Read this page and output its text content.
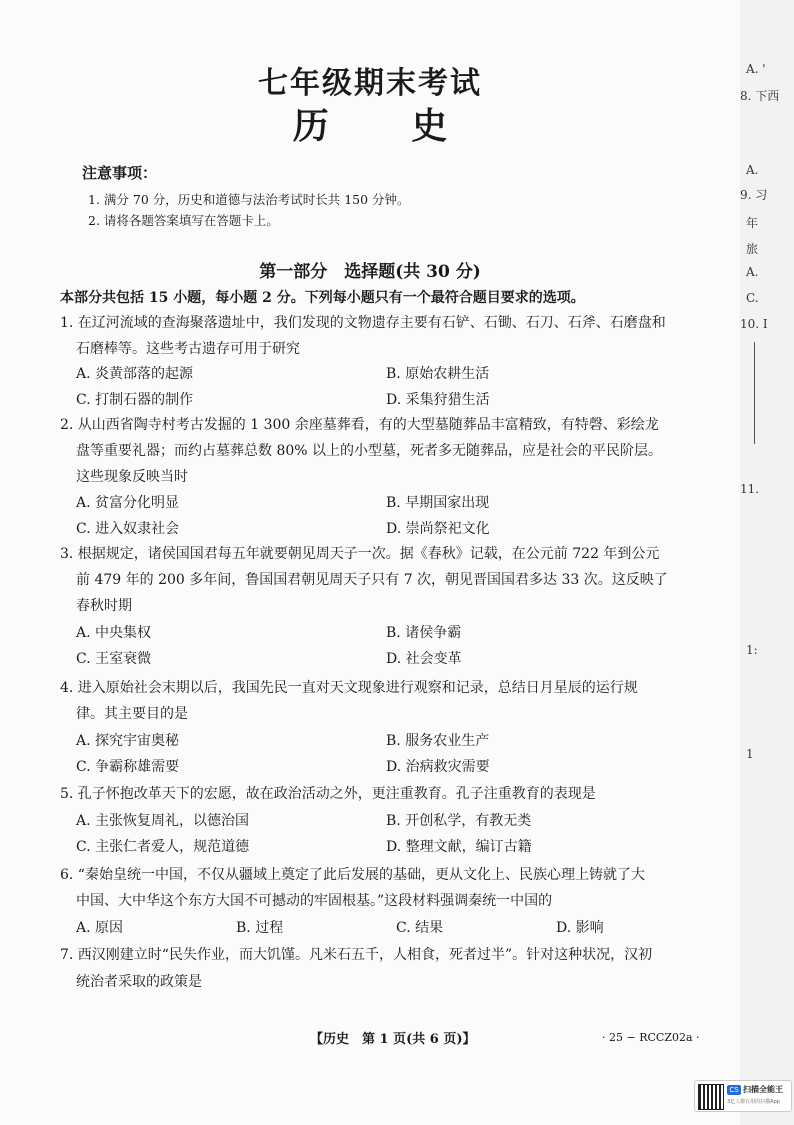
七年级期末考试
历 史
注意事项：
1. 满分 70 分，历史和道德与法治考试时长共 150 分钟。
2. 请将各题答案填写在答题卡上。
第一部分　选择题(共 30 分)
本部分共包括 15 小题，每小题 2 分。下列每小题只有一个最符合题目要求的选项。
1. 在辽河流域的查海聚落遗址中，我们发现的文物遗存主要有石铲、石锄、石刀、石斧、石磨盘和
石磨棒等。这些考古遗存可用于研究
A. 炎黄部落的起源	B. 原始农耕生活
C. 打制石器的制作	D. 采集狩猎生活
2. 从山西省陶寺村考古发掘的 1 300 余座墓葬看，有的大型墓随葬品丰富精致，有特磬、彩绘龙
盘等重要礼器；而约占墓葬总数 80% 以上的小型墓，死者多无随葬品，应是社会的平民阶层。
这些现象反映当时
A. 贫富分化明显	B. 早期国家出现
C. 进入奴隶社会	D. 崇尚祭祀文化
3. 根据规定，诸侯国国君每五年就要朝见周天子一次。据《春秋》记载，在公元前 722 年到公元
前 479 年的 200 多年间，鲁国国君朝见周天子只有 7 次，朝见晋国国君多达 33 次。这反映了
春秋时期
A. 中央集权	B. 诸侯争霸
C. 王室衰微	D. 社会变革
4. 进入原始社会末期以后，我国先民一直对天文现象进行观察和记录，总结日月星辰的运行规
律。其主要目的是
A. 探究宇宙奥秘	B. 服务农业生产
C. 争霸称雄需要	D. 治病救灾需要
5. 孔子怀抱改革天下的宏愿，故在政治活动之外，更注重教育。孔子注重教育的表现是
A. 主张恢复周礼，以德治国	B. 开创私学，有教无类
C. 主张仁者爱人，规范道德	D. 整理文献，编订古籍
6. “秦始皇统一中国，不仅从疆域上奠定了此后发展的基础，更从文化上、民族心理上铸就了大
中国、大中华这个东方大国不可撼动的牢固根基。”这段材料强调秦统一中国的
A. 原因	B. 过程	C. 结果	D. 影响
7. 西汉刚建立时“民失作业，而大饥馑。凡米石五千，人相食，死者过半”。针对这种状况，汉初
统治者采取的政策是
【历史　第 1 页(共 6 页)】	· 25 − RCCZ02a ·
A. '
8. 下西
A.
9. 习
年
旅
A.
C.
10. I
11.
1:
1
CS 扫描全能王
3亿人都在用的扫描App
